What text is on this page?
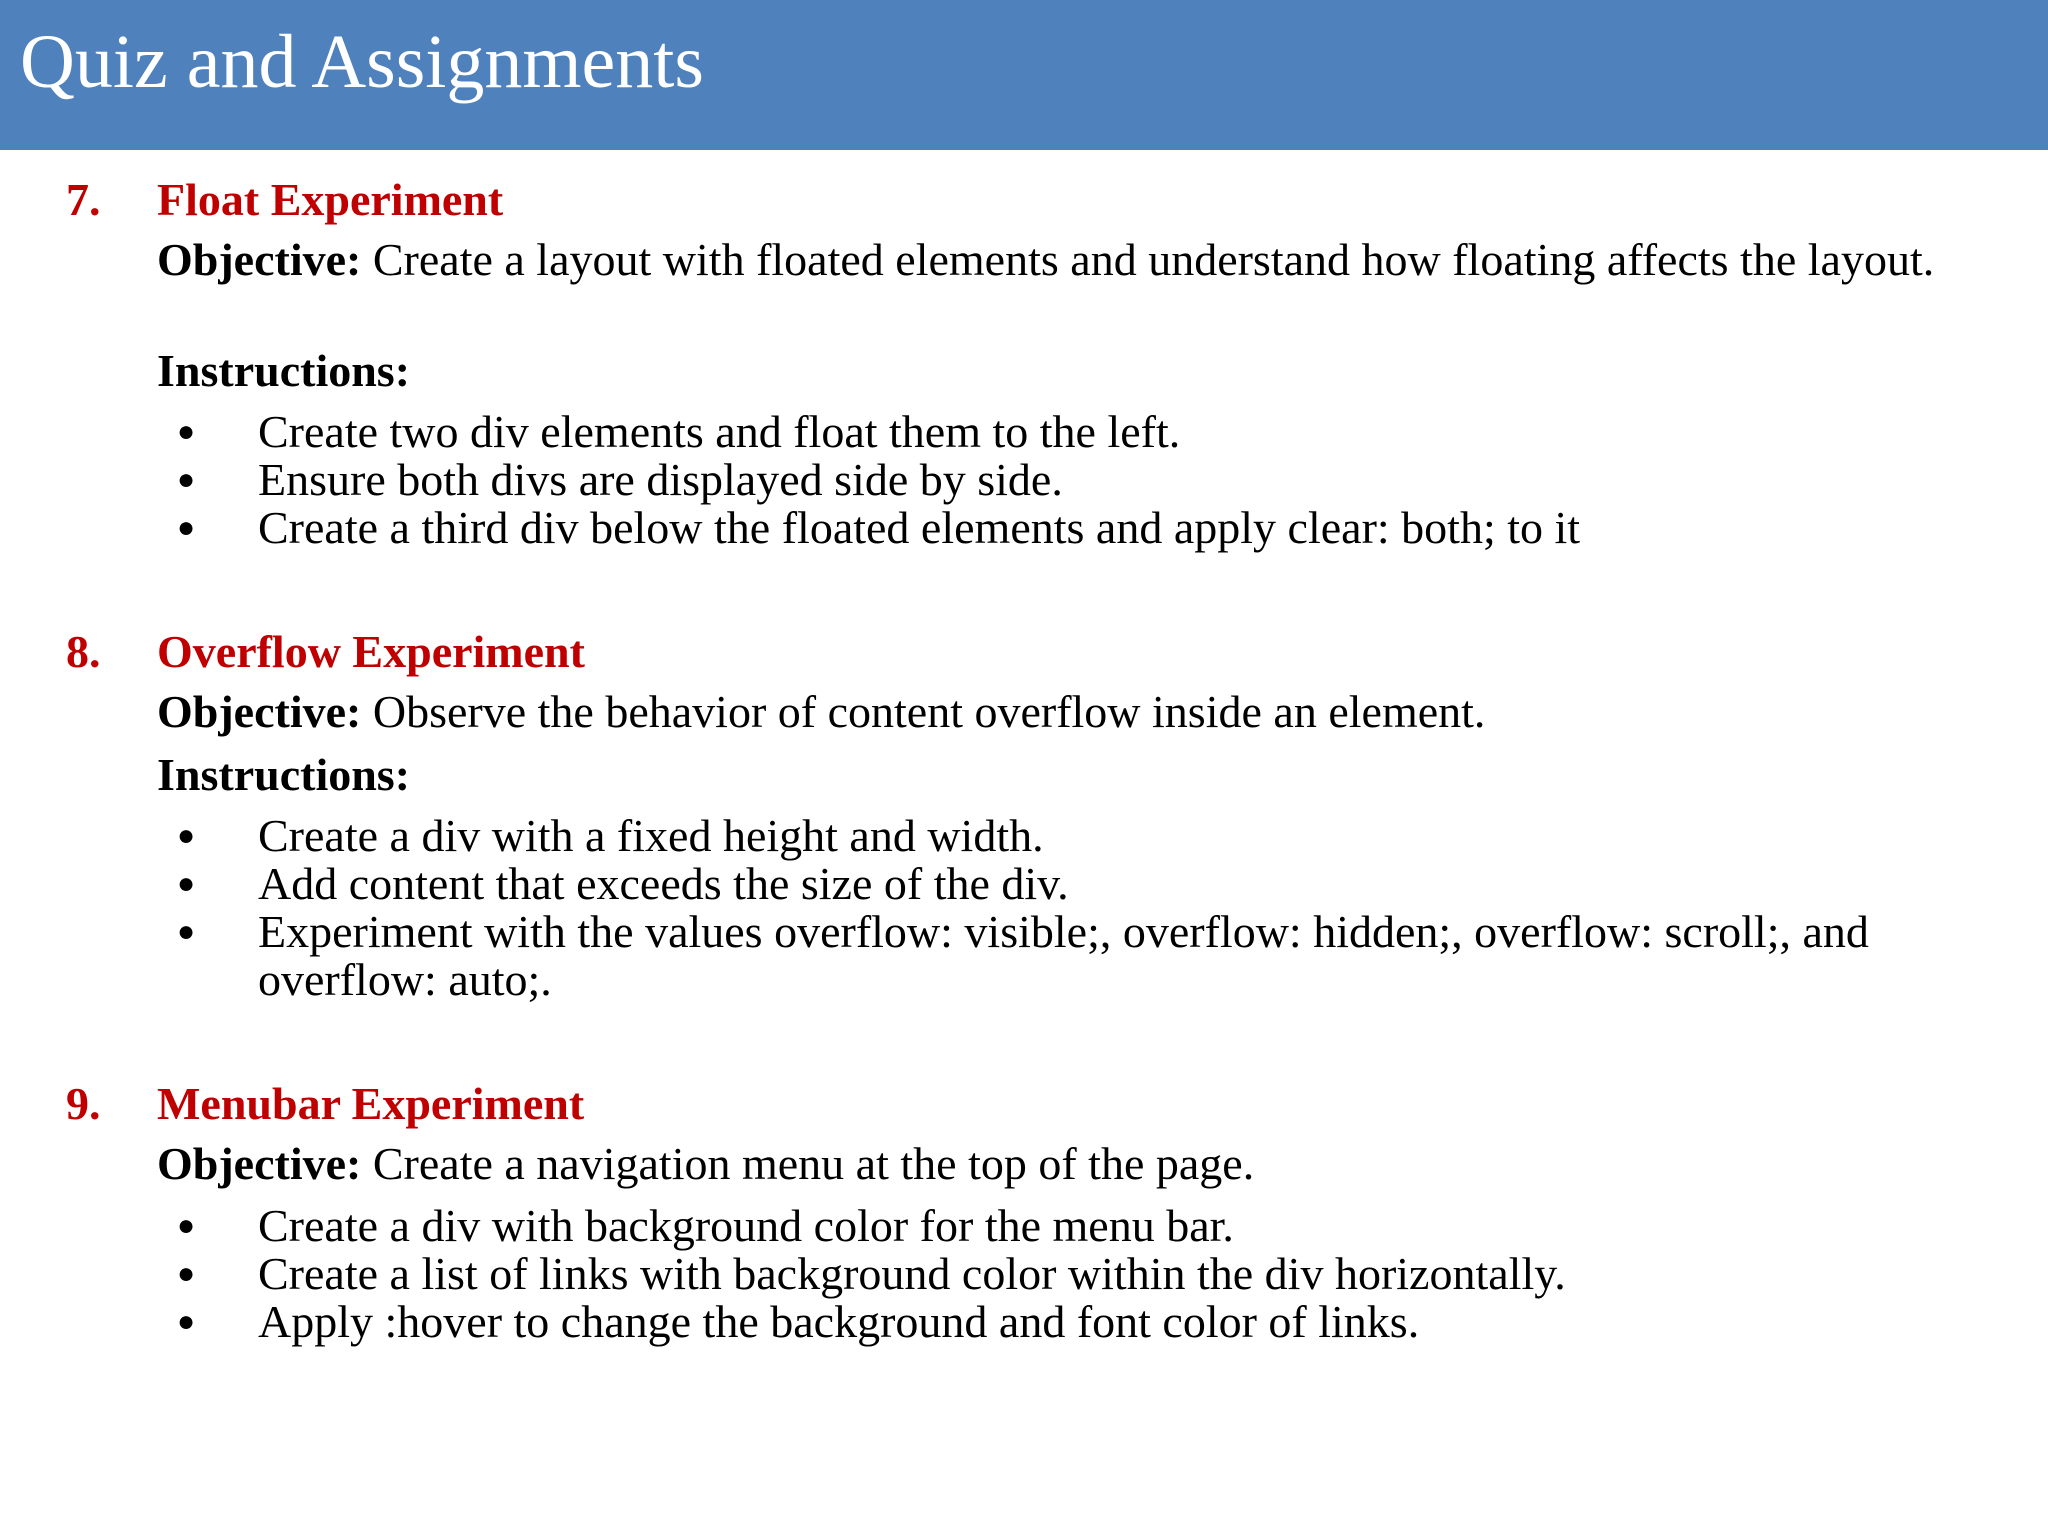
Quiz and Assignments
7. Float Experiment
Objective: Create a layout with floated elements and understand how floating affects the layout.
Instructions:
● Create two div elements and float them to the left.
● Ensure both divs are displayed side by side.
● Create a third div below the floated elements and apply clear: both; to it
8. Overflow Experiment
Objective: Observe the behavior of content overflow inside an element.
Instructions:
● Create a div with a fixed height and width.
● Add content that exceeds the size of the div.
● Experiment with the values overflow: visible;, overflow: hidden;, overflow: scroll;, and overflow: auto;.
9. Menubar Experiment
Objective: Create a navigation menu at the top of the page.
● Create a div with background color for the menu bar.
● Create a list of links with background color within the div horizontally.
● Apply :hover to change the background and font color of links.
